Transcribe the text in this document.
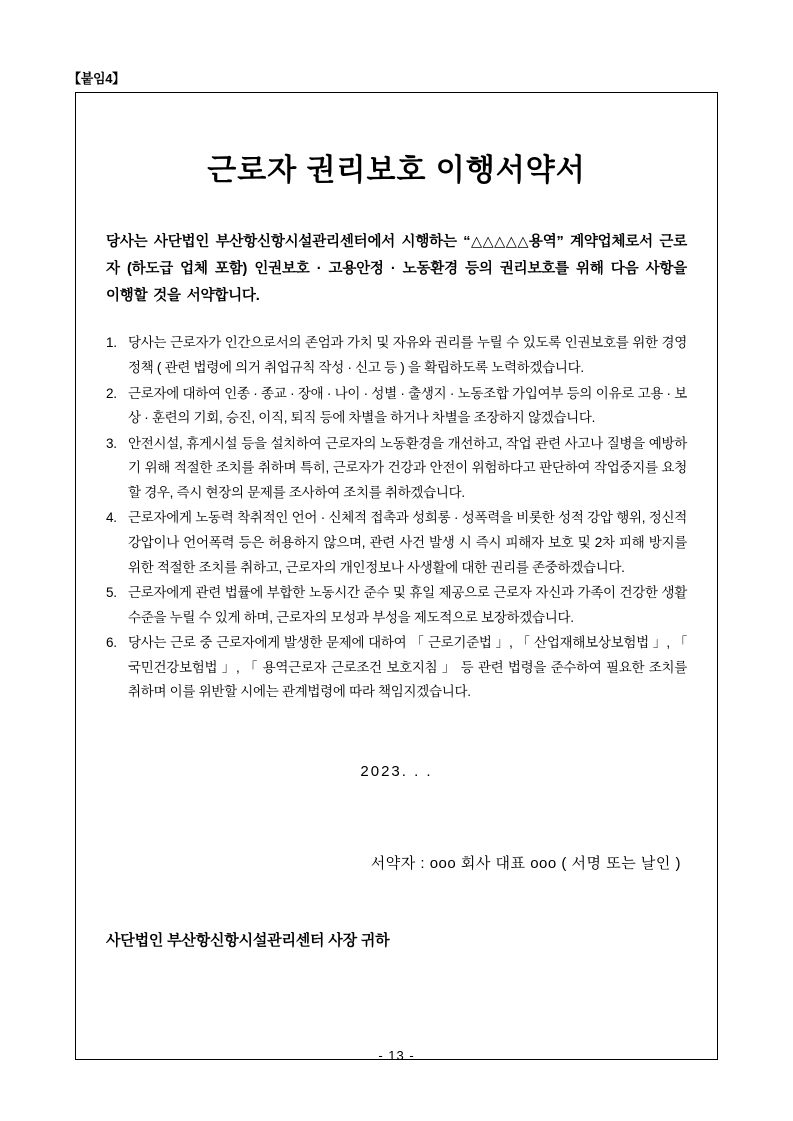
【붙임4】
근로자 권리보호 이행서약서

당사는 사단법인 부산항신항시설관리센터에서 시행하는 “△△△△△용역” 계약업체로서 근로자 (하도급 업체 포함) 인권보호 · 고용안정 · 노동환경 등의 권리보호를 위해 다음 사항을 이행할 것을 서약합니다.

1. 당사는 근로자가 인간으로서의 존엄과 가치 및 자유와 권리를 누릴 수 있도록 인권보호를 위한 경영정책 ( 관련 법령에 의거 취업규칙 작성 · 신고 등 ) 을 확립하도록 노력하겠습니다.
2. 근로자에 대하여 인종 · 종교 · 장애 · 나이 · 성별 · 출생지 · 노동조합 가입여부 등의 이유로 고용 · 보상 · 훈련의 기회, 승진, 이직, 퇴직 등에 차별을 하거나 차별을 조장하지 않겠습니다.
3. 안전시설, 휴게시설 등을 설치하여 근로자의 노동환경을 개선하고, 작업 관련 사고나 질병을 예방하기 위해 적절한 조치를 취하며 특히, 근로자가 건강과 안전이 위험하다고 판단하여 작업중지를 요청 할 경우, 즉시 현장의 문제를 조사하여 조치를 취하겠습니다.
4. 근로자에게 노동력 착취적인 언어 · 신체적 접촉과 성희롱 · 성폭력을 비롯한 성적 강압 행위, 정신적 강압이나 언어폭력 등은 허용하지 않으며, 관련 사건 발생 시 즉시 피해자 보호 및 2차 피해 방지를 위한 적절한 조치를 취하고, 근로자의 개인정보나 사생활에 대한 권리를 존중하겠습니다.
5. 근로자에게 관련 법률에 부합한 노동시간 준수 및 휴일 제공으로 근로자 자신과 가족이 건강한 생활수준을 누릴 수 있게 하며, 근로자의 모성과 부성을 제도적으로 보장하겠습니다.
6. 당사는 근로 중 근로자에게 발생한 문제에 대하여 「 근로기준법 」, 「 산업재해보상보험법 」, 「 국민건강보험법 」, 「 용역근로자 근로조건 보호지침 」 등 관련 법령을 준수하여 필요한 조치를 취하며 이를 위반할 시에는 관계법령에 따라 책임지겠습니다.
2023. . .
서약자 : ooo 회사 대표 ooo ( 서명 또는 날인 )
사단법인 부산항신항시설관리센터 사장 귀하
- 13 -
